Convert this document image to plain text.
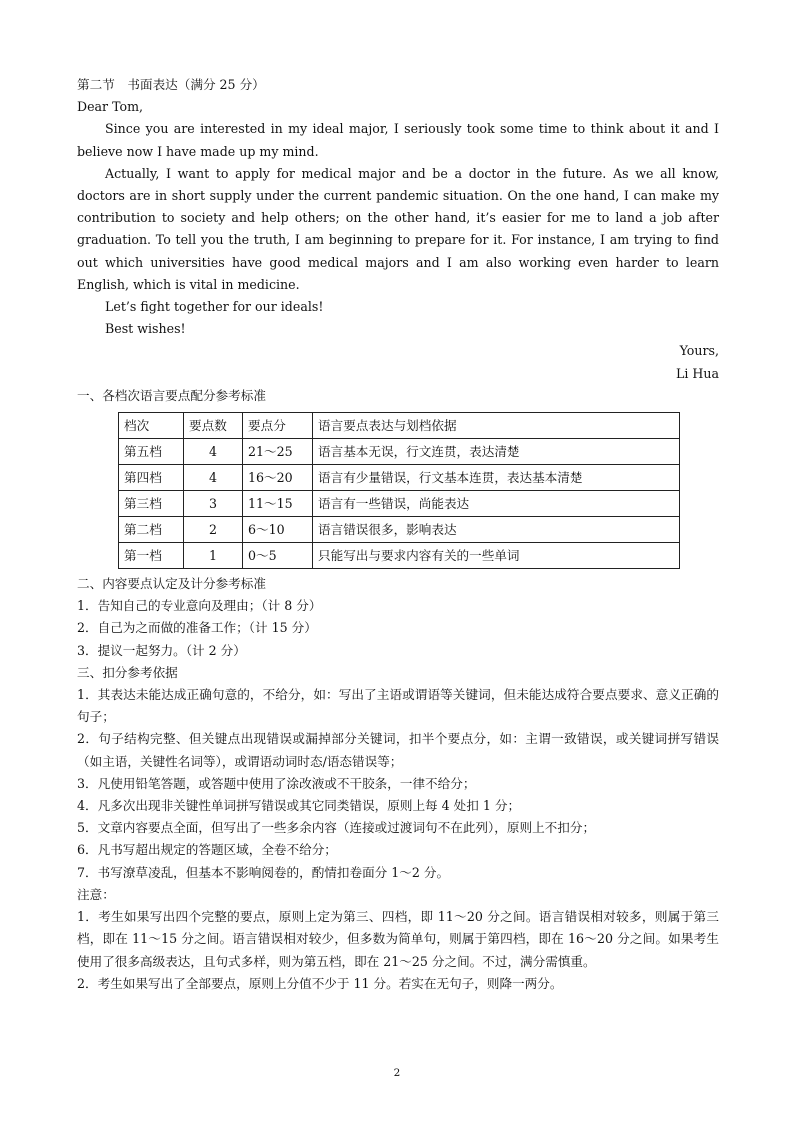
第二节　书面表达（满分 25 分）

Dear Tom,

Since you are interested in my ideal major, I seriously took some time to think about it and I believe now I have made up my mind.

Actually, I want to apply for medical major and be a doctor in the future. As we all know, doctors are in short supply under the current pandemic situation. On the one hand, I can make my contribution to society and help others; on the other hand, it’s easier for me to land a job after graduation. To tell you the truth, I am beginning to prepare for it. For instance, I am trying to find out which universities have good medical majors and I am also working even harder to learn English, which is vital in medicine.

Let’s fight together for our ideals!

Best wishes!

Yours,

Li Hua

一、各档次语言要点配分参考标准

档次	要点数	要点分	语言要点表达与划档依据
第五档	4	21～25	语言基本无误，行文连贯，表达清楚
第四档	4	16～20	语言有少量错误，行文基本连贯，表达基本清楚
第三档	3	11～15	语言有一些错误，尚能表达
第二档	2	6～10	语言错误很多，影响表达
第一档	1	0～5	只能写出与要求内容有关的一些单词

二、内容要点认定及计分参考标准

1．告知自己的专业意向及理由；（计 8 分）

2．自己为之而做的准备工作；（计 15 分）

3．提议一起努力。（计 2 分）

三、扣分参考依据

1．其表达未能达成正确句意的，不给分，如：写出了主语或谓语等关键词，但未能达成符合要点要求、意义正确的句子；

2．句子结构完整、但关键点出现错误或漏掉部分关键词，扣半个要点分，如：主谓一致错误，或关键词拼写错误（如主语，关键性名词等），或谓语动词时态/语态错误等；

3．凡使用铅笔答题，或答题中使用了涂改液或不干胶条，一律不给分；

4．凡多次出现非关键性单词拼写错误或其它同类错误，原则上每 4 处扣 1 分；

5．文章内容要点全面，但写出了一些多余内容（连接或过渡词句不在此列），原则上不扣分；

6．凡书写超出规定的答题区域，全卷不给分；

7．书写潦草凌乱，但基本不影响阅卷的，酌情扣卷面分 1～2 分。

注意：

1．考生如果写出四个完整的要点，原则上定为第三、四档，即 11～20 分之间。语言错误相对较多，则属于第三档，即在 11～15 分之间。语言错误相对较少，但多数为简单句，则属于第四档，即在 16～20 分之间。如果考生使用了很多高级表达，且句式多样，则为第五档，即在 21～25 分之间。不过，满分需慎重。

2．考生如果写出了全部要点，原则上分值不少于 11 分。若实在无句子，则降一两分。

2
